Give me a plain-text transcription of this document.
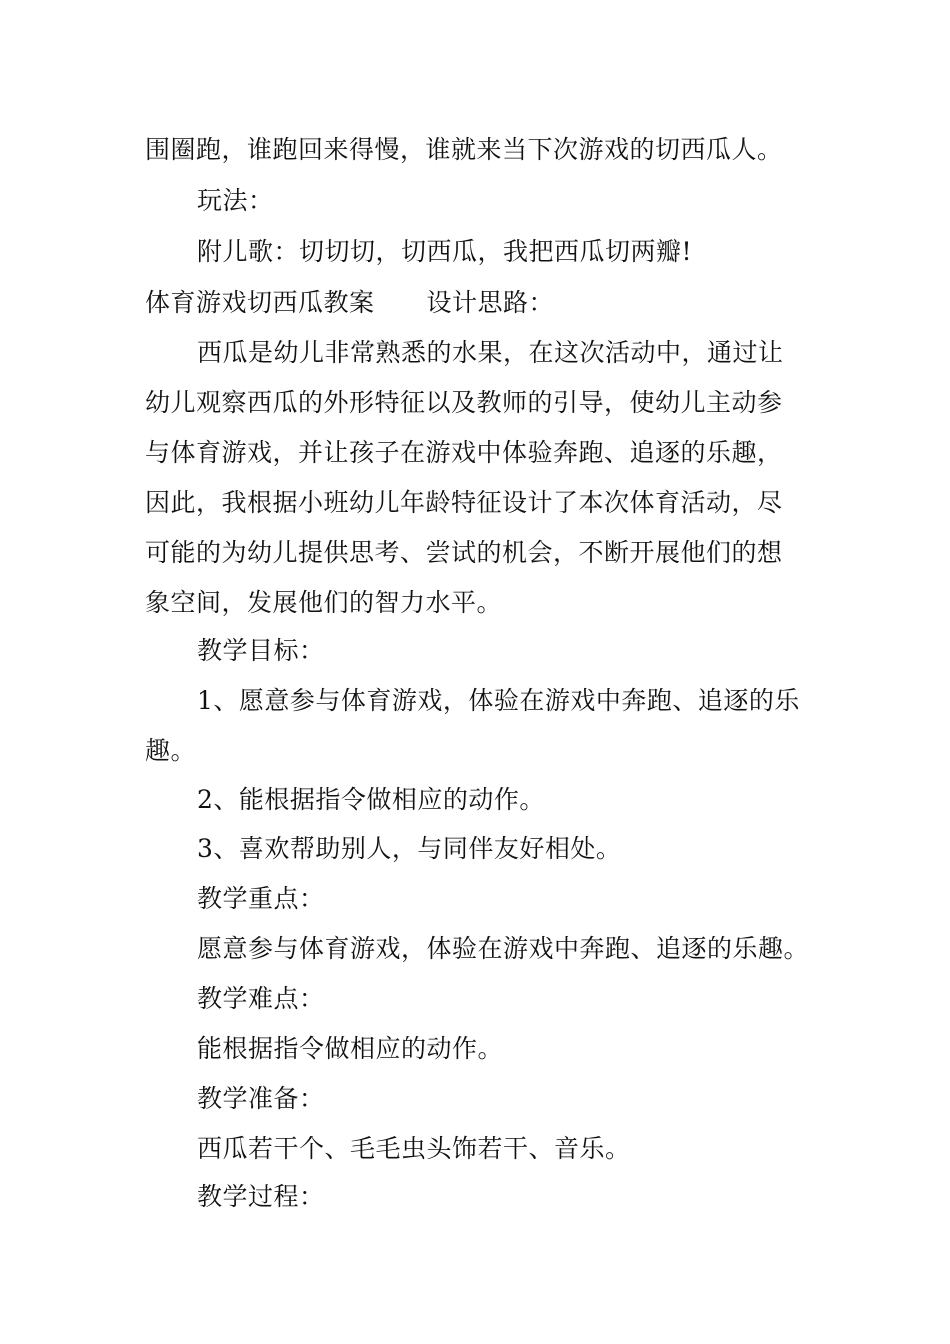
围圈跑，谁跑回来得慢，谁就来当下次游戏的切西瓜人。
玩法：
附儿歌：切切切，切西瓜，我把西瓜切两瓣!
体育游戏切西瓜教案 设计思路：
西瓜是幼儿非常熟悉的水果，在这次活动中，通过让
幼儿观察西瓜的外形特征以及教师的引导，使幼儿主动参
与体育游戏，并让孩子在游戏中体验奔跑、追逐的乐趣，
因此，我根据小班幼儿年龄特征设计了本次体育活动，尽
可能的为幼儿提供思考、尝试的机会，不断开展他们的想
象空间，发展他们的智力水平。
教学目标：
1、愿意参与体育游戏，体验在游戏中奔跑、追逐的乐
趣。
2、能根据指令做相应的动作。
3、喜欢帮助别人，与同伴友好相处。
教学重点：
愿意参与体育游戏，体验在游戏中奔跑、追逐的乐趣。
教学难点：
能根据指令做相应的动作。
教学准备：
西瓜若干个、毛毛虫头饰若干、音乐。
教学过程：
